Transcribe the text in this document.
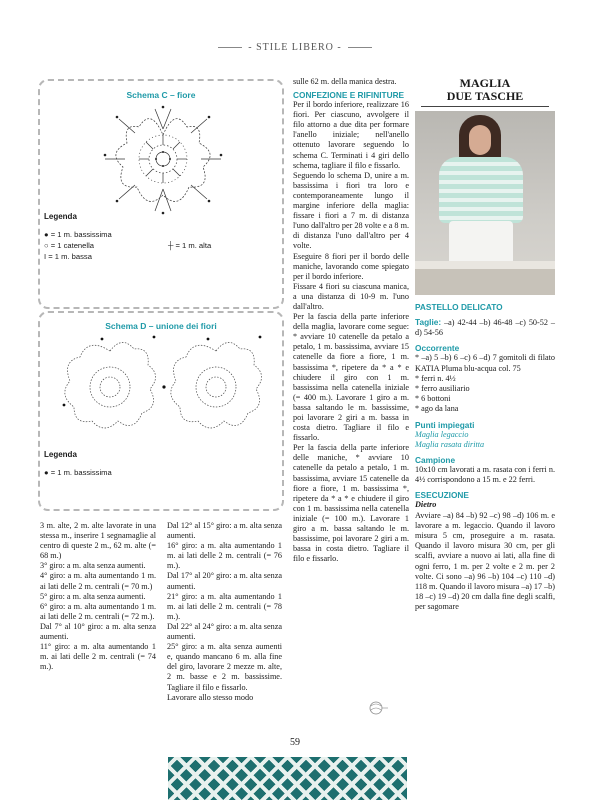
- STILE LIBERO -
Schema C – fiore
Legenda
● = 1 m. bassissima
○ = 1 catenella
I = 1 m. bassa
┼ = 1 m. alta
Schema D – unione dei fiori
Legenda
● = 1 m. bassissima

3 m. alte, 2 m. alte lavorate in una stessa m., inserire 1 segnamaglie al centro di queste 2 m., 62 m. alte (= 68 m.)

3° giro: a m. alta senza aumenti.

4° giro: a m. alta aumentando 1 m. ai lati delle 2 m. centrali (= 70 m.)

5° giro: a m. alta senza aumenti.

6° giro: a m. alta aumentando 1 m. ai lati delle 2 m. centrali (= 72 m.).

Dal 7° al 10° giro: a m. alta senza aumenti.

11° giro: a m. alta aumentando 1 m. ai lati delle 2 m. centrali (= 74 m.).

Dal 12° al 15° giro: a m. alta senza aumenti.

16° giro: a m. alta aumentando 1 m. ai lati delle 2 m. centrali (= 76 m.).

Dal 17° al 20° giro: a m. alta senza aumenti.

21° giro: a m. alta aumentando 1 m. ai lati delle 2 m. centrali (= 78 m.).

Dal 22° al 24° giro: a m. alta senza aumenti.

25° giro: a m. alta senza aumenti e, quando mancano 6 m. alla fine del giro, lavorare 2 mezze m. alte, 2 m. basse e 2 m. bassissime. Tagliare il filo e fissarlo.

Lavorare allo stesso modo

sulle 62 m. della manica destra.

CONFEZIONE E RIFINITURE

Per il bordo inferiore, realizzare 16 fiori. Per ciascuno, avvolgere il filo attorno a due dita per formare l'anello iniziale; nell'anello ottenuto lavorare seguendo lo schema C. Terminati i 4 giri dello schema, tagliare il filo e fissarlo.

Seguendo lo schema D, unire a m. bassissima i fiori tra loro e contemporaneamente lungo il margine inferiore della maglia: fissare i fiori a 7 m. di distanza l'uno dall'altro per 28 volte e a 8 m. di distanza l'uno dall'altro per 4 volte.

Eseguire 8 fiori per il bordo delle maniche, lavorando come spiegato per il bordo inferiore.

Fissare 4 fiori su ciascuna manica, a una distanza di 10-9 m. l'uno dall'altro.

Per la fascia della parte inferiore della maglia, lavorare come segue: * avviare 10 catenelle da petalo a petalo, 1 m. bassissima, avviare 15 catenelle da fiore a fiore, 1 m. bassissima *, ripetere da * a * e chiudere il giro con 1 m. bassissima nella catenella iniziale (= 400 m.). Lavorare 1 giro a m. bassa saltando le m. bassissime, poi lavorare 2 giri a m. bassa in costa dietro. Tagliare il filo e fissarlo.

Per la fascia della parte inferiore delle maniche, * avviare 10 catenelle da petalo a petalo, 1 m. bassissima, avviare 15 catenelle da fiore a fiore, 1 m. bassissima *, ripetere da * a * e chiudere il giro con 1 m. bassissima nella catenella iniziale (= 100 m.). Lavorare 1 giro a m. bassa saltando le m. bassissime, poi lavorare 2 giri a m. bassa in costa dietro. Tagliare il filo e fissarlo.

MAGLIA
DUE TASCHE
PASTELLO DELICATO

Taglie: –a) 42-44 –b) 46-48 –c) 50-52 –d) 54-56

Occorrente

* –a) 5 –b) 6 –c) 6 –d) 7 gomitoli di filato KATIA Pluma blu-acqua col. 75

* ferri n. 4½

* ferro ausiliario

* 6 bottoni

* ago da lana

Punti impiegati

Maglia legaccio

Maglia rasata diritta

Campione

10x10 cm lavorati a m. rasata con i ferri n. 4½ corrispondono a 15 m. e 22 ferri.

ESECUZIONE

Dietro

Avviare –a) 84 –b) 92 –c) 98 –d) 106 m. e lavorare a m. legaccio. Quando il lavoro misura 5 cm, proseguire a m. rasata. Quando il lavoro misura 30 cm, per gli scalfi, avviare a nuovo ai lati, alla fine di ogni ferro, 1 m. per 2 volte e 2 m. per 2 volte. Ci sono –a) 96 –b) 104 –c) 110 –d) 118 m. Quando il lavoro misura –a) 17 –b) 18 –c) 19 –d) 20 cm dalla fine degli scalfi, per sagomare

59
